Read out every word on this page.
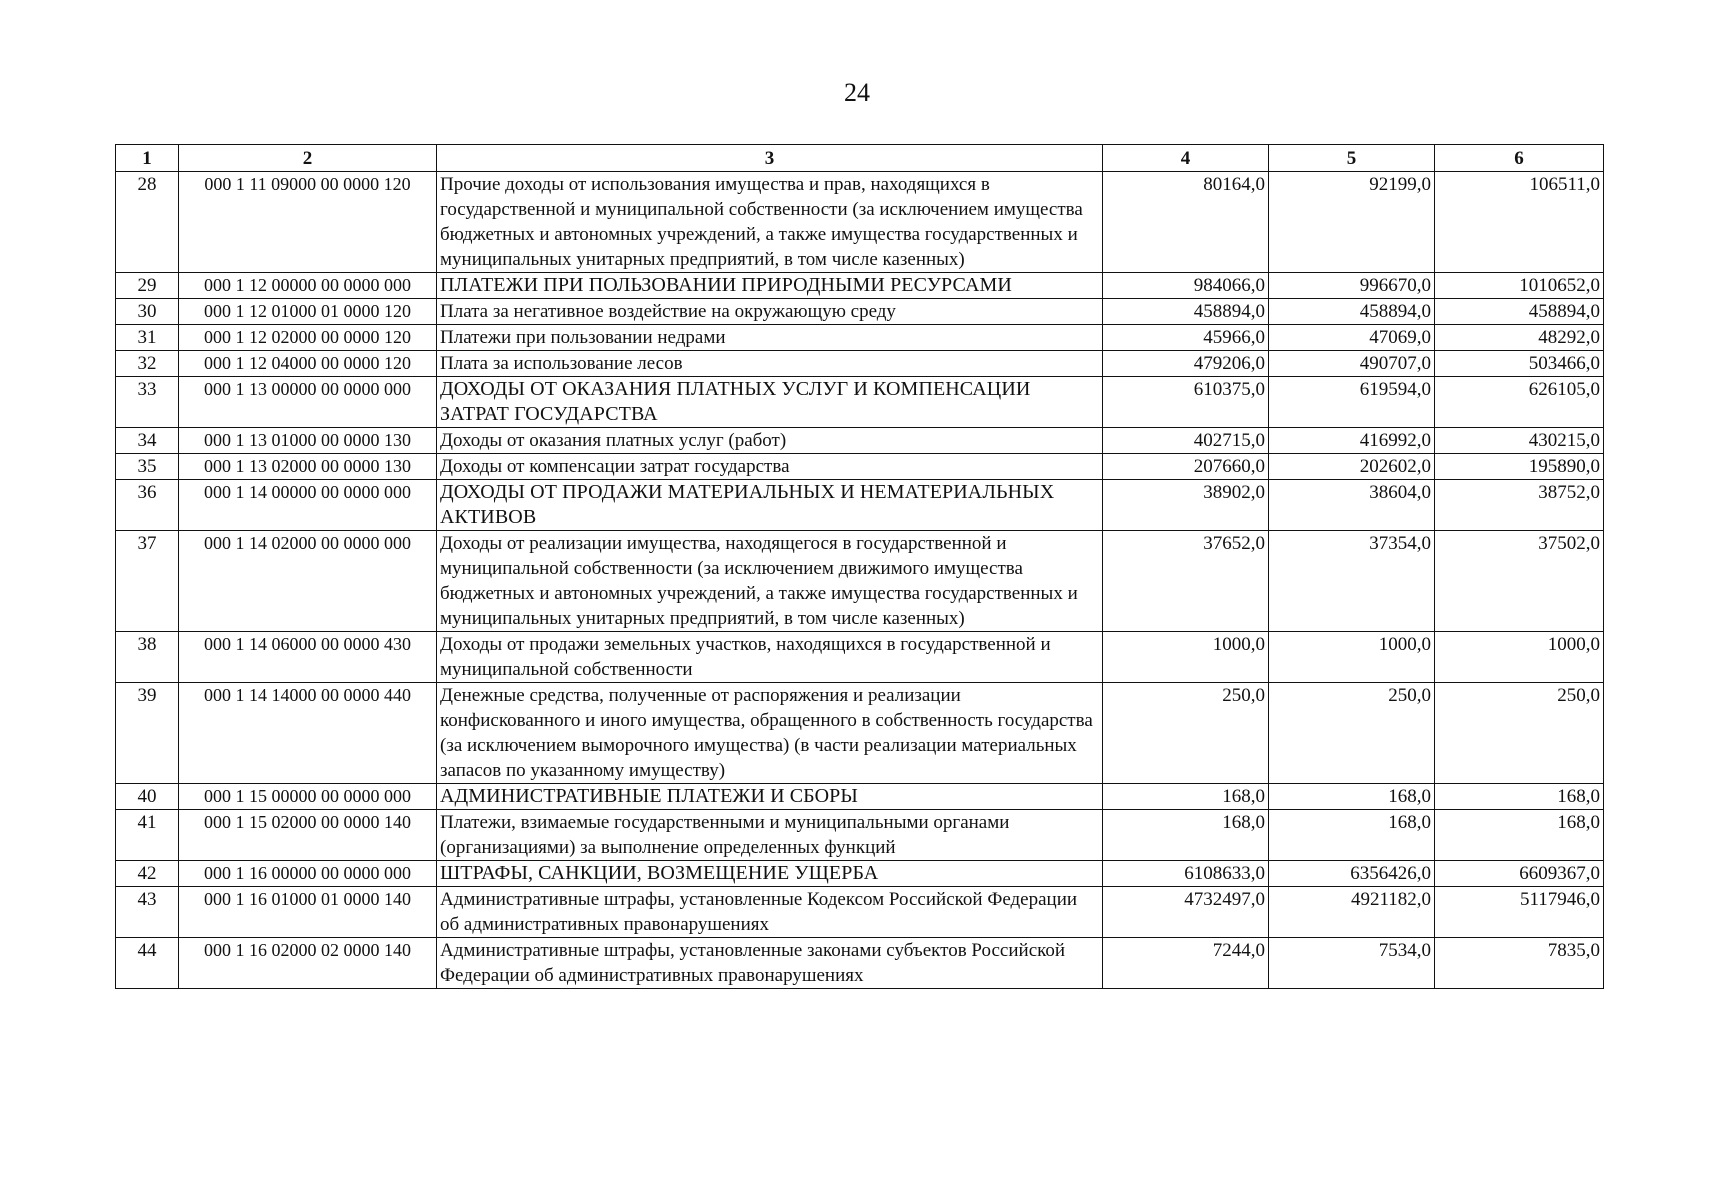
24
1	2	3	4	5	6
28	000 1 11 09000 00 0000 120	Прочие доходы от использования имущества и прав, находящихся в государственной и муниципальной собственности (за исключением имущества бюджетных и автономных учреждений, а также имущества государственных и муниципальных унитарных предприятий, в том числе казенных)	80164,0	92199,0	106511,0
29	000 1 12 00000 00 0000 000	ПЛАТЕЖИ ПРИ ПОЛЬЗОВАНИИ ПРИРОДНЫМИ РЕСУРСАМИ	984066,0	996670,0	1010652,0
30	000 1 12 01000 01 0000 120	Плата за негативное воздействие на окружающую среду	458894,0	458894,0	458894,0
31	000 1 12 02000 00 0000 120	Платежи при пользовании недрами	45966,0	47069,0	48292,0
32	000 1 12 04000 00 0000 120	Плата за использование лесов	479206,0	490707,0	503466,0
33	000 1 13 00000 00 0000 000	ДОХОДЫ ОТ ОКАЗАНИЯ ПЛАТНЫХ УСЛУГ И КОМПЕНСАЦИИ ЗАТРАТ ГОСУДАРСТВА	610375,0	619594,0	626105,0
34	000 1 13 01000 00 0000 130	Доходы от оказания платных услуг (работ)	402715,0	416992,0	430215,0
35	000 1 13 02000 00 0000 130	Доходы от компенсации затрат государства	207660,0	202602,0	195890,0
36	000 1 14 00000 00 0000 000	ДОХОДЫ ОТ ПРОДАЖИ МАТЕРИАЛЬНЫХ И НЕМАТЕРИАЛЬНЫХ АКТИВОВ	38902,0	38604,0	38752,0
37	000 1 14 02000 00 0000 000	Доходы от реализации имущества, находящегося в государственной и муниципальной собственности (за исключением движимого имущества бюджетных и автономных учреждений, а также имущества государственных и муниципальных унитарных предприятий, в том числе казенных)	37652,0	37354,0	37502,0
38	000 1 14 06000 00 0000 430	Доходы от продажи земельных участков, находящихся в государственной и муниципальной собственности	1000,0	1000,0	1000,0
39	000 1 14 14000 00 0000 440	Денежные средства, полученные от распоряжения и реализации конфискованного и иного имущества, обращенного в собственность государства (за исключением выморочного имущества) (в части реализации материальных запасов по указанному имуществу)	250,0	250,0	250,0
40	000 1 15 00000 00 0000 000	АДМИНИСТРАТИВНЫЕ ПЛАТЕЖИ И СБОРЫ	168,0	168,0	168,0
41	000 1 15 02000 00 0000 140	Платежи, взимаемые государственными и муниципальными органами (организациями) за выполнение определенных функций	168,0	168,0	168,0
42	000 1 16 00000 00 0000 000	ШТРАФЫ, САНКЦИИ, ВОЗМЕЩЕНИЕ УЩЕРБА	6108633,0	6356426,0	6609367,0
43	000 1 16 01000 01 0000 140	Административные штрафы, установленные Кодексом Российской Федерации об административных правонарушениях	4732497,0	4921182,0	5117946,0
44	000 1 16 02000 02 0000 140	Административные штрафы, установленные законами субъектов Российской Федерации об административных правонарушениях	7244,0	7534,0	7835,0
